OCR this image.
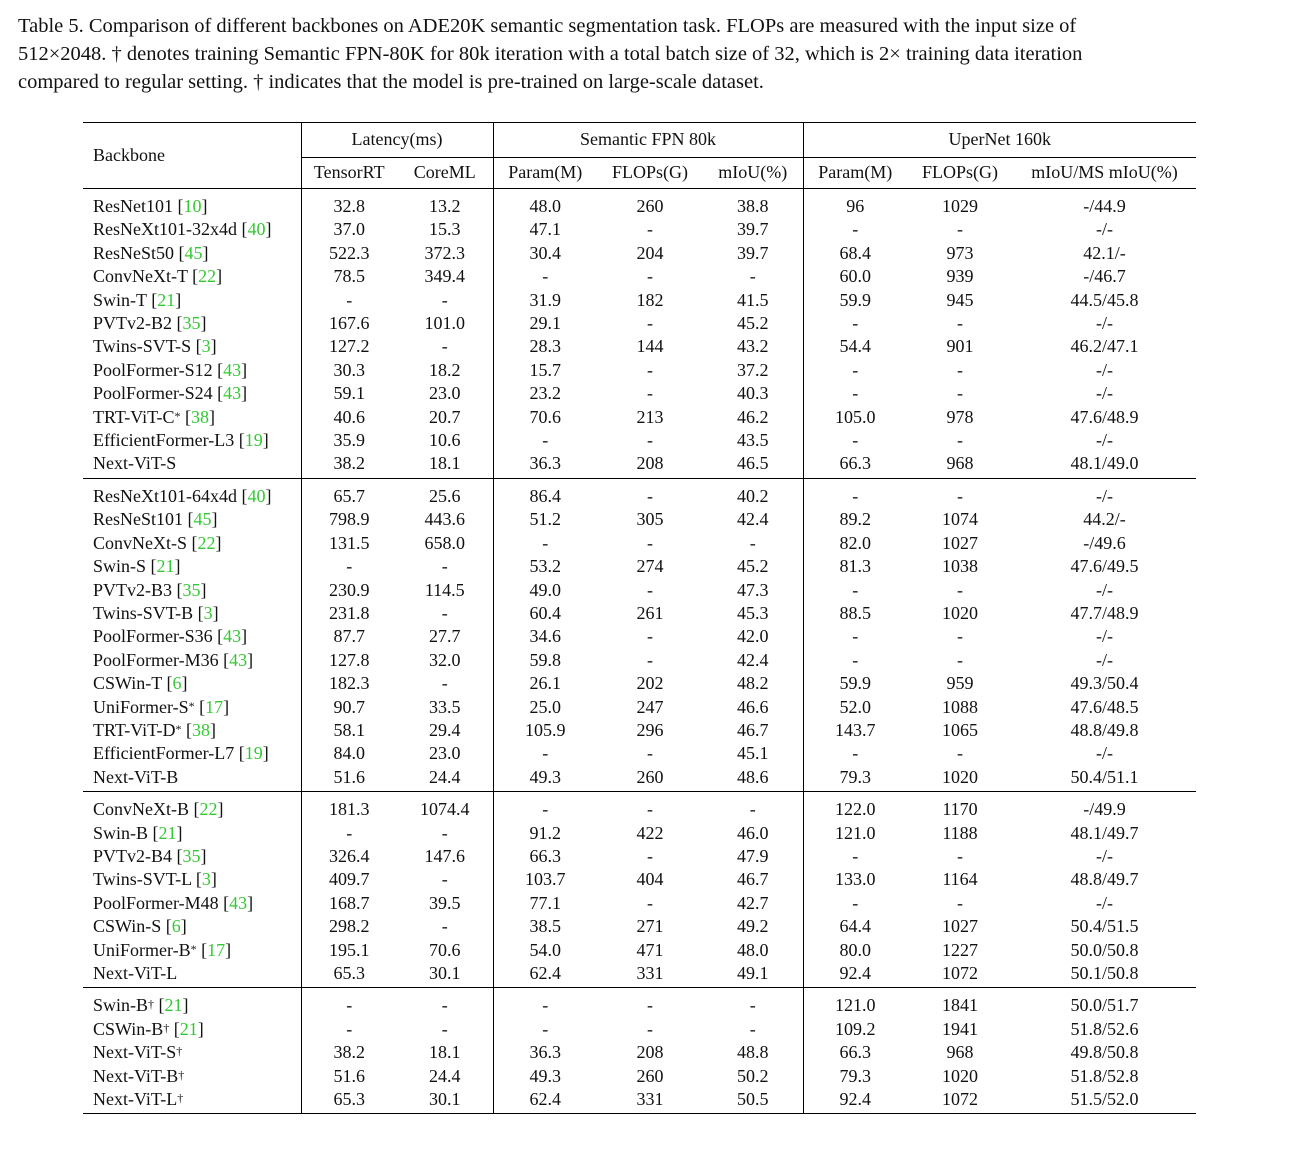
Table 5. Comparison of different backbones on ADE20K semantic segmentation task. FLOPs are measured with the input size of
512×2048. † denotes training Semantic FPN-80K for 80k iteration with a total batch size of 32, which is 2× training data iteration
compared to regular setting. † indicates that the model is pre-trained on large-scale dataset.
Backbone	Latency(ms)		Semantic FPN 80k			UperNet 160k		
	TensorRT	CoreML	Param(M)	FLOPs(G)	mIoU(%)	Param(M)	FLOPs(G)	mIoU/MS mIoU(%)
ResNet101 [10]	32.8	13.2	48.0	260	38.8	96	1029	-/44.9
ResNeXt101-32x4d [40]	37.0	15.3	47.1	-	39.7	-	-	-/-
ResNeSt50 [45]	522.3	372.3	30.4	204	39.7	68.4	973	42.1/-
ConvNeXt-T [22]	78.5	349.4	-	-	-	60.0	939	-/46.7
Swin-T [21]	-	-	31.9	182	41.5	59.9	945	44.5/45.8
PVTv2-B2 [35]	167.6	101.0	29.1	-	45.2	-	-	-/-
Twins-SVT-S [3]	127.2	-	28.3	144	43.2	54.4	901	46.2/47.1
PoolFormer-S12 [43]	30.3	18.2	15.7	-	37.2	-	-	-/-
PoolFormer-S24 [43]	59.1	23.0	23.2	-	40.3	-	-	-/-
TRT-ViT-C* [38]	40.6	20.7	70.6	213	46.2	105.0	978	47.6/48.9
EfficientFormer-L3 [19]	35.9	10.6	-	-	43.5	-	-	-/-
Next-ViT-S	38.2	18.1	36.3	208	46.5	66.3	968	48.1/49.0
ResNeXt101-64x4d [40]	65.7	25.6	86.4	-	40.2	-	-	-/-
ResNeSt101 [45]	798.9	443.6	51.2	305	42.4	89.2	1074	44.2/-
ConvNeXt-S [22]	131.5	658.0	-	-	-	82.0	1027	-/49.6
Swin-S [21]	-	-	53.2	274	45.2	81.3	1038	47.6/49.5
PVTv2-B3 [35]	230.9	114.5	49.0	-	47.3	-	-	-/-
Twins-SVT-B [3]	231.8	-	60.4	261	45.3	88.5	1020	47.7/48.9
PoolFormer-S36 [43]	87.7	27.7	34.6	-	42.0	-	-	-/-
PoolFormer-M36 [43]	127.8	32.0	59.8	-	42.4	-	-	-/-
CSWin-T [6]	182.3	-	26.1	202	48.2	59.9	959	49.3/50.4
UniFormer-S* [17]	90.7	33.5	25.0	247	46.6	52.0	1088	47.6/48.5
TRT-ViT-D* [38]	58.1	29.4	105.9	296	46.7	143.7	1065	48.8/49.8
EfficientFormer-L7 [19]	84.0	23.0	-	-	45.1	-	-	-/-
Next-ViT-B	51.6	24.4	49.3	260	48.6	79.3	1020	50.4/51.1
ConvNeXt-B [22]	181.3	1074.4	-	-	-	122.0	1170	-/49.9
Swin-B [21]	-	-	91.2	422	46.0	121.0	1188	48.1/49.7
PVTv2-B4 [35]	326.4	147.6	66.3	-	47.9	-	-	-/-
Twins-SVT-L [3]	409.7	-	103.7	404	46.7	133.0	1164	48.8/49.7
PoolFormer-M48 [43]	168.7	39.5	77.1	-	42.7	-	-	-/-
CSWin-S [6]	298.2	-	38.5	271	49.2	64.4	1027	50.4/51.5
UniFormer-B* [17]	195.1	70.6	54.0	471	48.0	80.0	1227	50.0/50.8
Next-ViT-L	65.3	30.1	62.4	331	49.1	92.4	1072	50.1/50.8
Swin-B† [21]	-	-	-	-	-	121.0	1841	50.0/51.7
CSWin-B† [21]	-	-	-	-	-	109.2	1941	51.8/52.6
Next-ViT-S†	38.2	18.1	36.3	208	48.8	66.3	968	49.8/50.8
Next-ViT-B†	51.6	24.4	49.3	260	50.2	79.3	1020	51.8/52.8
Next-ViT-L†	65.3	30.1	62.4	331	50.5	92.4	1072	51.5/52.0
